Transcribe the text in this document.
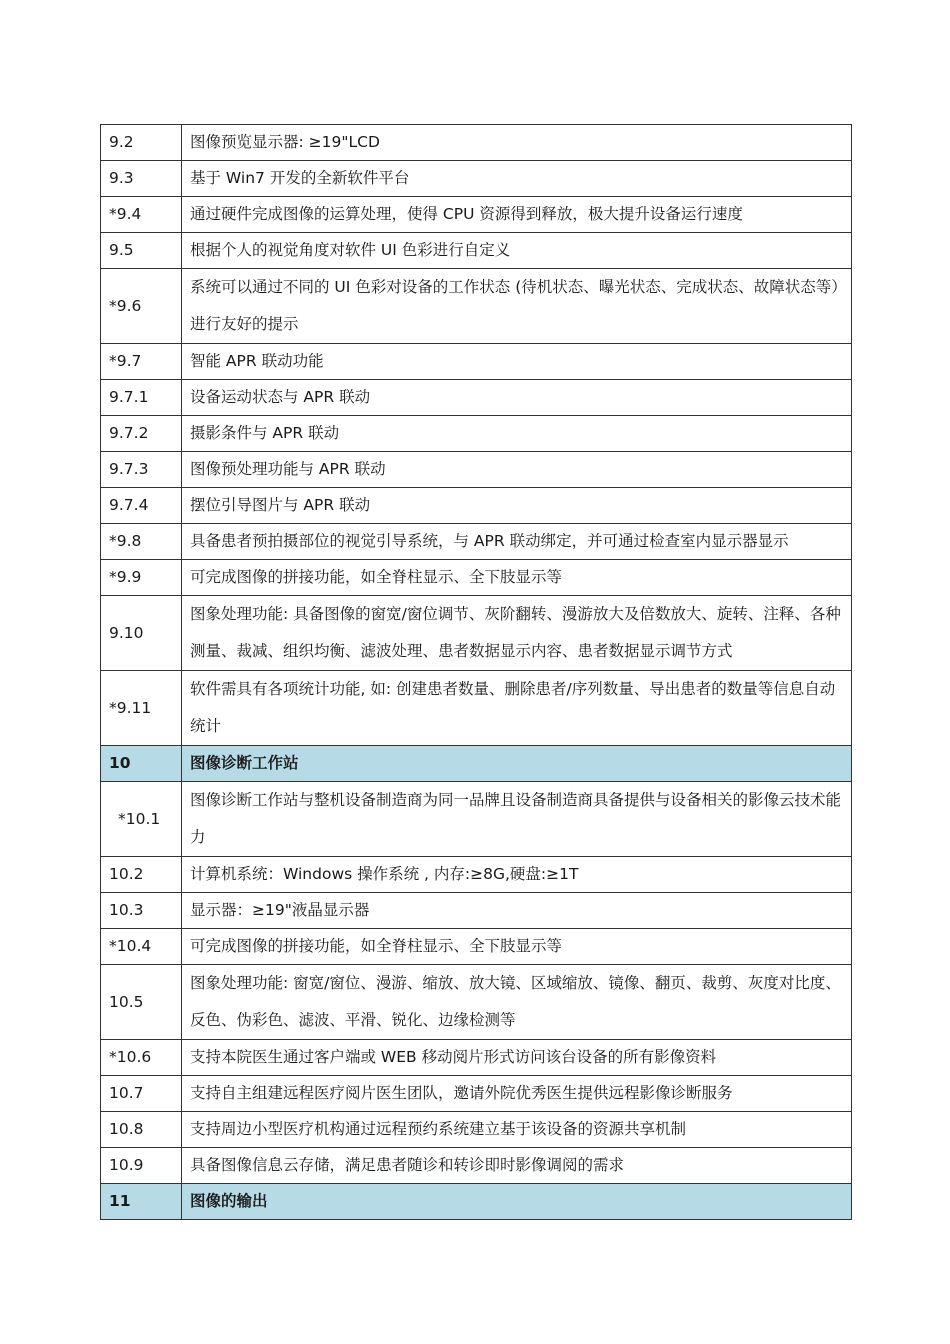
9.2	图像预览显示器: ≥19"LCD
9.3	基于 Win7 开发的全新软件平台
*9.4	通过硬件完成图像的运算处理，使得 CPU 资源得到释放，极大提升设备运行速度
9.5	根据个人的视觉角度对软件 UI 色彩进行自定义
*9.6	系统可以通过不同的 UI 色彩对设备的工作状态 (待机状态、曝光状态、完成状态、故障状态等）进行友好的提示
*9.7	智能 APR 联动功能
9.7.1	设备运动状态与 APR 联动
9.7.2	摄影条件与 APR 联动
9.7.3	图像预处理功能与 APR 联动
9.7.4	摆位引导图片与 APR 联动
*9.8	具备患者预拍摄部位的视觉引导系统，与 APR 联动绑定，并可通过检查室内显示器显示
*9.9	可完成图像的拼接功能，如全脊柱显示、全下肢显示等
9.10	图象处理功能: 具备图像的窗宽/窗位调节、灰阶翻转、漫游放大及倍数放大、旋转、注释、各种测量、裁减、组织均衡、滤波处理、患者数据显示内容、患者数据显示调节方式
*9.11	软件需具有各项统计功能, 如: 创建患者数量、删除患者/序列数量、导出患者的数量等信息自动统计
10	图像诊断工作站
*10.1	图像诊断工作站与整机设备制造商为同一品牌且设备制造商具备提供与设备相关的影像云技术能力
10.2	计算机系统：Windows 操作系统 , 内存:≥8G,硬盘:≥1T
10.3	显示器：≥19"液晶显示器
*10.4	可完成图像的拼接功能，如全脊柱显示、全下肢显示等
10.5	图象处理功能: 窗宽/窗位、漫游、缩放、放大镜、区域缩放、镜像、翻页、裁剪、灰度对比度、反色、伪彩色、滤波、平滑、锐化、边缘检测等
*10.6	支持本院医生通过客户端或 WEB 移动阅片形式访问该台设备的所有影像资料
10.7	支持自主组建远程医疗阅片医生团队，邀请外院优秀医生提供远程影像诊断服务
10.8	支持周边小型医疗机构通过远程预约系统建立基于该设备的资源共享机制
10.9	具备图像信息云存储，满足患者随诊和转诊即时影像调阅的需求
11	图像的输出
